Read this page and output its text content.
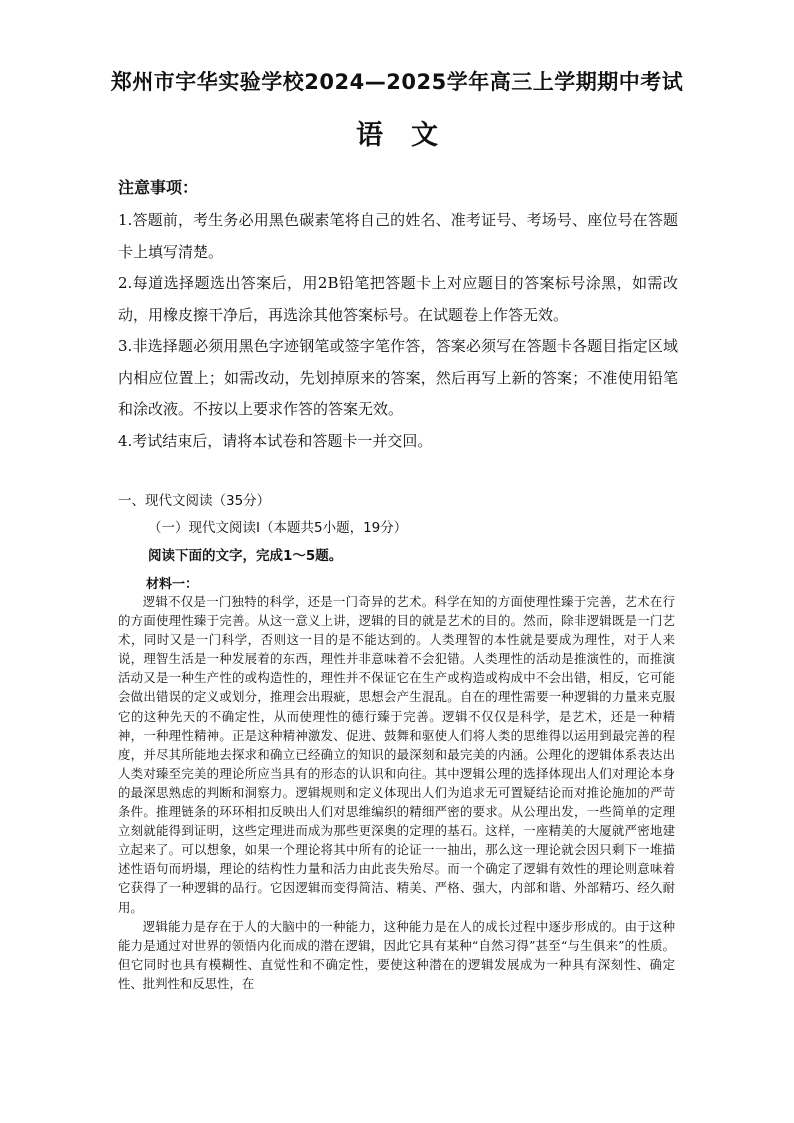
郑州市宇华实验学校2024—2025学年高三上学期期中考试
语文
注意事项：

1.答题前，考生务必用黑色碳素笔将自己的姓名、准考证号、考场号、座位号在答题卡上填写清楚。

2.每道选择题选出答案后，用2B铅笔把答题卡上对应题目的答案标号涂黑，如需改动，用橡皮擦干净后，再选涂其他答案标号。在试题卷上作答无效。

3.非选择题必须用黑色字迹钢笔或签字笔作答，答案必须写在答题卡各题目指定区域内相应位置上；如需改动，先划掉原来的答案，然后再写上新的答案；不准使用铅笔和涂改液。不按以上要求作答的答案无效。

4.考试结束后，请将本试卷和答题卡一并交回。

一、现代文阅读（35分）
（一）现代文阅读Ⅰ（本题共5小题，19分）
阅读下面的文字，完成1～5题。
材料一：

逻辑不仅是一门独特的科学，还是一门奇异的艺术。科学在知的方面使理性臻于完善，艺术在行的方面使理性臻于完善。从这一意义上讲，逻辑的目的就是艺术的目的。然而，除非逻辑既是一门艺术，同时又是一门科学，否则这一目的是不能达到的。人类理智的本性就是要成为理性，对于人来说，理智生活是一种发展着的东西，理性并非意味着不会犯错。人类理性的活动是推演性的，而推演活动又是一种生产性的或构造性的，理性并不保证它在生产或构造或构成中不会出错，相反，它可能会做出错误的定义或划分，推理会出瑕疵，思想会产生混乱。自在的理性需要一种逻辑的力量来克服它的这种先天的不确定性，从而使理性的德行臻于完善。逻辑不仅仅是科学，是艺术，还是一种精神，一种理性精神。正是这种精神激发、促进、鼓舞和驱使人们将人类的思维得以运用到最完善的程度，并尽其所能地去探求和确立已经确立的知识的最深刻和最完美的内涵。公理化的逻辑体系表达出人类对臻至完美的理论所应当具有的形态的认识和向往。其中逻辑公理的选择体现出人们对理论本身的最深思熟虑的判断和洞察力。逻辑规则和定义体现出人们为追求无可置疑结论而对推论施加的严苛条件。推理链条的环环相扣反映出人们对思维编织的精细严密的要求。从公理出发，一些简单的定理立刻就能得到证明，这些定理进而成为那些更深奥的定理的基石。这样，一座精美的大厦就严密地建立起来了。可以想象，如果一个理论将其中所有的论证一一抽出，那么这一理论就会因只剩下一堆描述性语句而坍塌，理论的结构性力量和活力由此丧失殆尽。而一个确定了逻辑有效性的理论则意味着它获得了一种逻辑的品行。它因逻辑而变得简洁、精美、严格、强大，内部和谐、外部精巧、经久耐用。

逻辑能力是存在于人的大脑中的一种能力，这种能力是在人的成长过程中逐步形成的。由于这种能力是通过对世界的领悟内化而成的潜在逻辑，因此它具有某种“自然习得”甚至“与生俱来”的性质。但它同时也具有模糊性、直觉性和不确定性，要使这种潜在的逻辑发展成为一种具有深刻性、确定性、批判性和反思性，在
